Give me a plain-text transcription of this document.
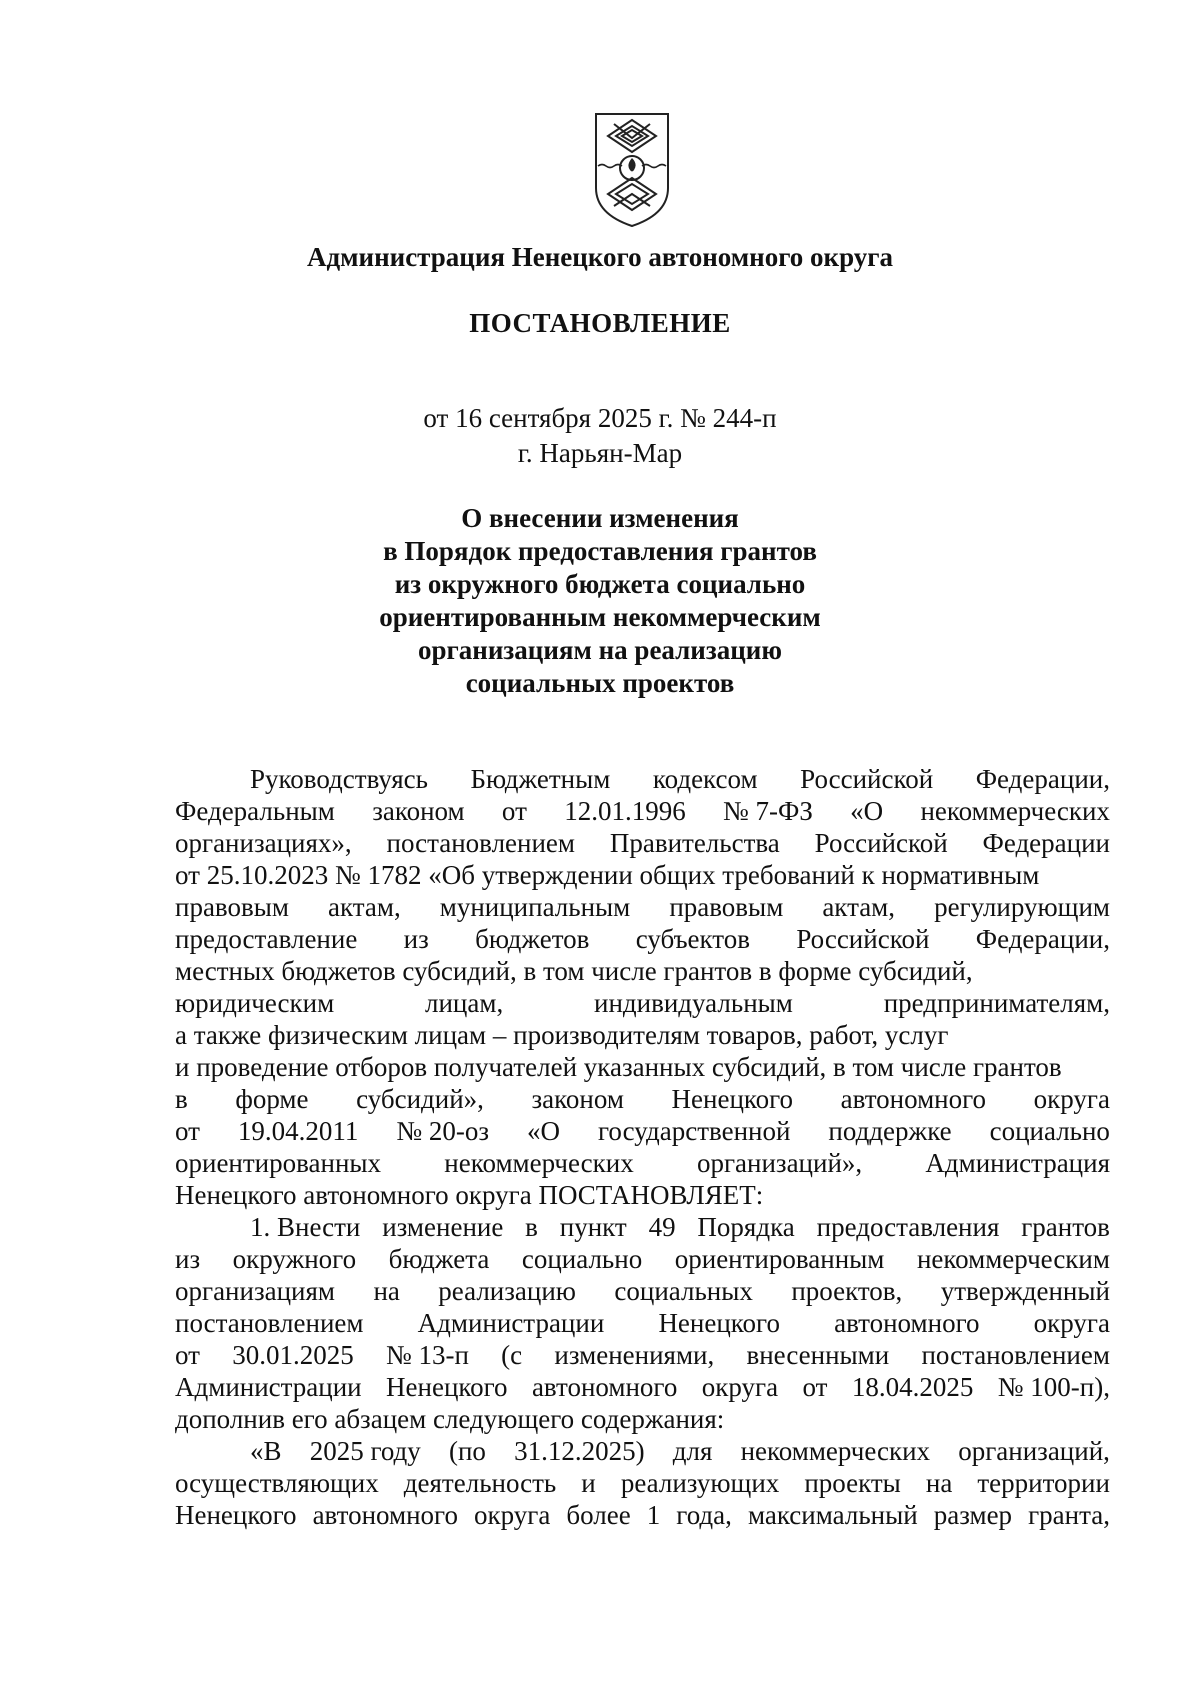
Администрация Ненецкого автономного округа
ПОСТАНОВЛЕНИЕ
от 16 сентября 2025 г. № 244-п
г. Нарьян-Мар
О внесении изменения
в Порядок предоставления грантов
из окружного бюджета социально
ориентированным некоммерческим
организациям на реализацию
социальных проектов
Руководствуясь Бюджетным кодексом Российской Федерации,
Федеральным законом от 12.01.1996 № 7-ФЗ «О некоммерческих
организациях», постановлением Правительства Российской Федерации
от 25.10.2023 № 1782 «Об утверждении общих требований к нормативным
правовым актам, муниципальным правовым актам, регулирующим
предоставление из бюджетов субъектов Российской Федерации,
местных бюджетов субсидий, в том числе грантов в форме субсидий,
юридическим	лицам,	индивидуальным	предпринимателям,
а также физическим лицам – производителям товаров, работ, услуг
и проведение отборов получателей указанных субсидий, в том числе грантов
в форме субсидий», законом Ненецкого автономного округа
от 19.04.2011 № 20-оз «О государственной поддержке социально
ориентированных некоммерческих организаций», Администрация
Ненецкого автономного округа ПОСТАНОВЛЯЕТ:
1. Внести изменение в пункт 49 Порядка предоставления грантов
из окружного бюджета социально ориентированным некоммерческим
организациям на реализацию социальных проектов, утвержденный
постановлением Администрации Ненецкого автономного округа
от 30.01.2025 № 13-п (с изменениями, внесенными постановлением
Администрации Ненецкого автономного округа от 18.04.2025 № 100-п),
дополнив его абзацем следующего содержания:
«В 2025 году (по 31.12.2025) для некоммерческих организаций,
осуществляющих деятельность и реализующих проекты на территории
Ненецкого автономного округа более 1 года, максимальный размер гранта,
